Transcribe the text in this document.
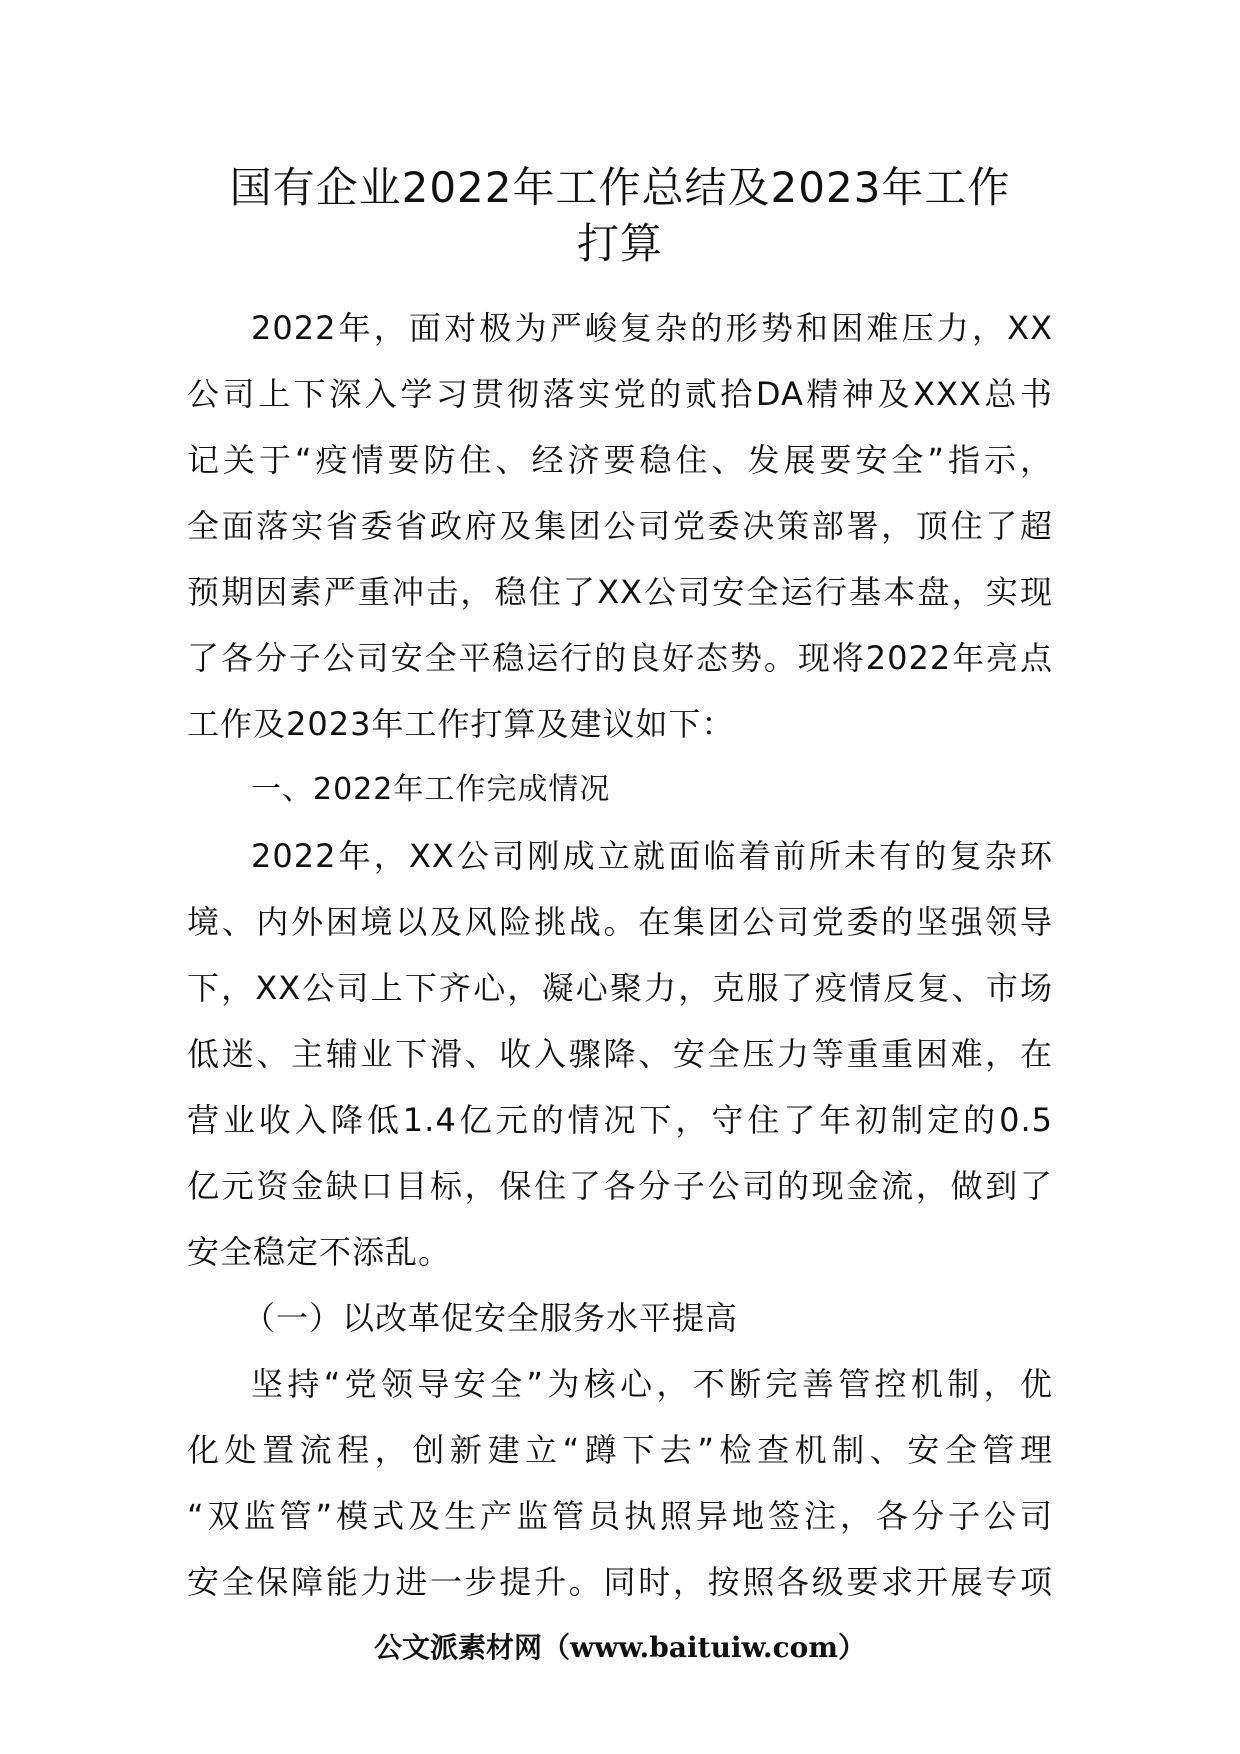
国有企业2022年工作总结及2023年工作
打算
2022年，面对极为严峻复杂的形势和困难压力，XX
公司上下深入学习贯彻落实党的贰拾DA精神及XXX总书
记关于“疫情要防住、经济要稳住、发展要安全”指示，
全面落实省委省政府及集团公司党委决策部署，顶住了超
预期因素严重冲击，稳住了XX公司安全运行基本盘，实现
了各分子公司安全平稳运行的良好态势。现将2022年亮点
工作及2023年工作打算及建议如下：
一、2022年工作完成情况
2022年，XX公司刚成立就面临着前所未有的复杂环
境、内外困境以及风险挑战。在集团公司党委的坚强领导
下，XX公司上下齐心，凝心聚力，克服了疫情反复、市场
低迷、主辅业下滑、收入骤降、安全压力等重重困难，在
营业收入降低1.4亿元的情况下，守住了年初制定的0.5
亿元资金缺口目标，保住了各分子公司的现金流，做到了
安全稳定不添乱。
（一）以改革促安全服务水平提高
坚持“党领导安全”为核心，不断完善管控机制，优
化处置流程，创新建立“蹲下去”检查机制、安全管理
“双监管”模式及生产监管员执照异地签注，各分子公司
安全保障能力进一步提升。同时，按照各级要求开展专项
公文派素材网（www.baituiw.com）
